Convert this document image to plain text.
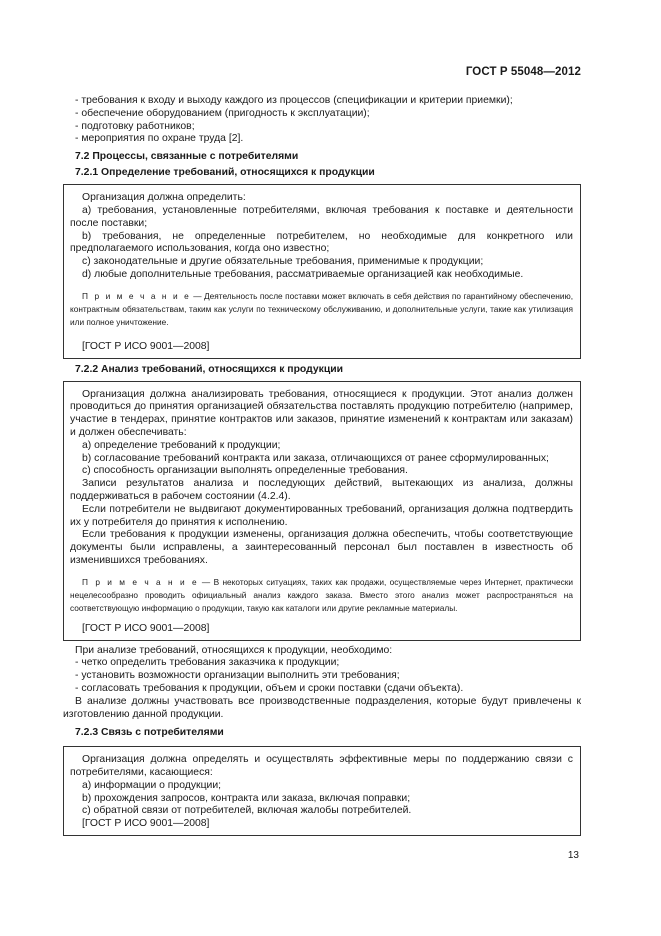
ГОСТ Р 55048—2012

- требования к входу и выходу каждого из процессов (спецификации и критерии приемки);

- обеспечение оборудованием (пригодность к эксплуатации);

- подготовку работников;

- мероприятия по охране труда [2].

7.2 Процессы, связанные с потребителями
7.2.1 Определение требований, относящихся к продукции

Организация должна определить:

a) требования, установленные потребителями, включая требования к поставке и деятельности после поставки;

b) требования, не определенные потребителем, но необходимые для конкретного или предполагаемого использования, когда оно известно;

c) законодательные и другие обязательные требования, применимые к продукции;

d) любые дополнительные требования, рассматриваемые организацией как необходимые.

П р и м е ч а н и е — Деятельность после поставки может включать в себя действия по гарантийному обеспечению, контрактным обязательствам, таким как услуги по техническому обслуживанию, и дополнительные услуги, такие как утилизация или полное уничтожение.

[ГОСТ Р ИСО 9001—2008]

7.2.2 Анализ требований, относящихся к продукции

Организация должна анализировать требования, относящиеся к продукции. Этот анализ должен проводиться до принятия организацией обязательства поставлять продукцию потребителю (например, участие в тендерах, принятие контрактов или заказов, принятие изменений к контрактам или заказам) и должен обеспечивать:

a) определение требований к продукции;

b) согласование требований контракта или заказа, отличающихся от ранее сформулированных;

c) способность организации выполнять определенные требования.

Записи результатов анализа и последующих действий, вытекающих из анализа, должны поддерживаться в рабочем состоянии (4.2.4).

Если потребители не выдвигают документированных требований, организация должна подтвердить их у потребителя до принятия к исполнению.

Если требования к продукции изменены, организация должна обеспечить, чтобы соответствующие документы были исправлены, а заинтересованный персонал был поставлен в известность об изменившихся требованиях.

П р и м е ч а н и е — В некоторых ситуациях, таких как продажи, осуществляемые через Интернет, практически нецелесообразно проводить официальный анализ каждого заказа. Вместо этого анализ может распространяться на соответствующую информацию о продукции, такую как каталоги или другие рекламные материалы.

[ГОСТ Р ИСО 9001—2008]

При анализе требований, относящихся к продукции, необходимо:

- четко определить требования заказчика к продукции;

- установить возможности организации выполнить эти требования;

- согласовать требования к продукции, объем и сроки поставки (сдачи объекта).

В анализе должны участвовать все производственные подразделения, которые будут привлечены к изготовлению данной продукции.

7.2.3 Связь с потребителями

Организация должна определять и осуществлять эффективные меры по поддержанию связи с потребителями, касающиеся:

a) информации о продукции;

b) прохождения запросов, контракта или заказа, включая поправки;

c) обратной связи от потребителей, включая жалобы потребителей.

[ГОСТ Р ИСО 9001—2008]

13
